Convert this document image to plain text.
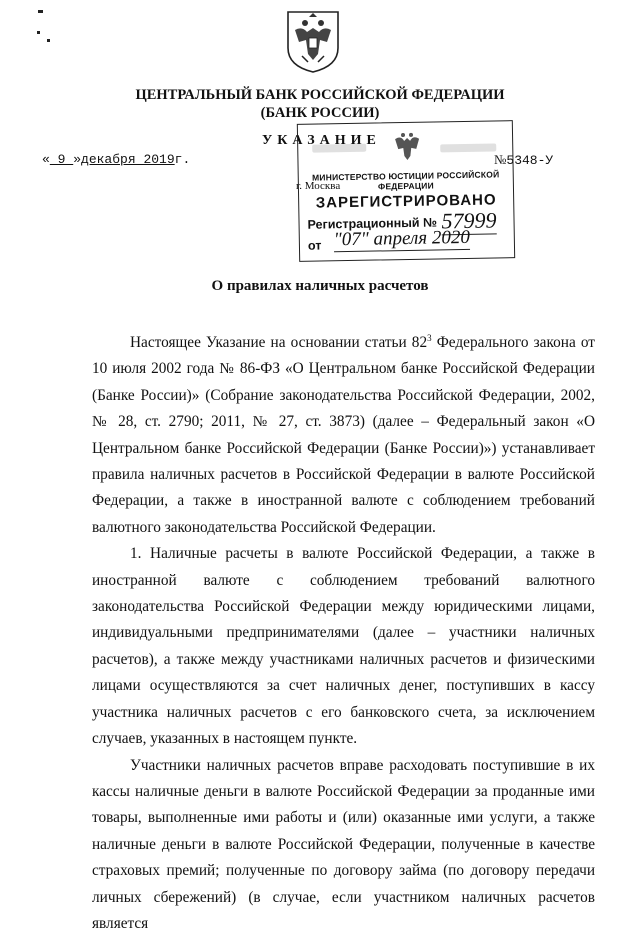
ЦЕНТРАЛЬНЫЙ БАНК РОССИЙСКОЙ ФЕДЕРАЦИИ
(БАНК РОССИИ)
УКАЗАНИЕ
« 9 »декабря 2019г.	№5348-У
г. Москва
МИНИСТЕРСТВО ЮСТИЦИИ РОССИЙСКОЙ ФЕДЕРАЦИИ
ЗАРЕГИСТРИРОВАНО
Регистрационный № 57999
от "07" апреля 2020
О правилах наличных расчетов

Настоящее Указание на основании статьи $82^3$ Федерального закона от 10 июля 2002 года № 86-ФЗ «О Центральном банке Российской Федерации (Банке России)» (Собрание законодательства Российской Федерации, 2002, № 28, ст. 2790; 2011, № 27, ст. 3873) (далее – Федеральный закон «О Центральном банке Российской Федерации (Банке России)») устанавливает правила наличных расчетов в Российской Федерации в валюте Российской Федерации, а также в иностранной валюте с соблюдением требований валютного законодательства Российской Федерации.

1. Наличные расчеты в валюте Российской Федерации, а также в иностранной валюте с соблюдением требований валютного законодательства Российской Федерации между юридическими лицами, индивидуальными предпринимателями (далее – участники наличных расчетов), а также между участниками наличных расчетов и физическими лицами осуществляются за счет наличных денег, поступивших в кассу участника наличных расчетов с его банковского счета, за исключением случаев, указанных в настоящем пункте.

Участники наличных расчетов вправе расходовать поступившие в их кассы наличные деньги в валюте Российской Федерации за проданные ими товары, выполненные ими работы и (или) оказанные ими услуги, а также наличные деньги в валюте Российской Федерации, полученные в качестве страховых премий; полученные по договору займа (по договору передачи личных сбережений) (в случае, если участником наличных расчетов является
